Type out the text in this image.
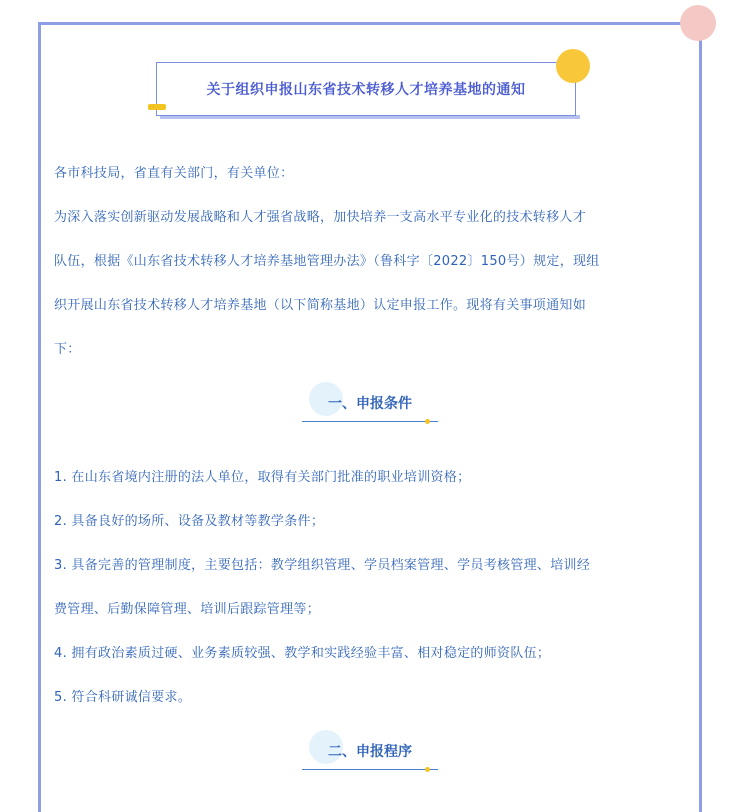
关于组织申报山东省技术转移人才培养基地的通知

各市科技局，省直有关部门，有关单位：

为深入落实创新驱动发展战略和人才强省战略，加快培养一支高水平专业化的技术转移人才

队伍，根据《山东省技术转移人才培养基地管理办法》（鲁科字〔2022〕150号）规定，现组

织开展山东省技术转移人才培养基地（以下简称基地）认定申报工作。现将有关事项通知如

下：

一、申报条件

1. 在山东省境内注册的法人单位，取得有关部门批准的职业培训资格；

2. 具备良好的场所、设备及教材等教学条件；

3. 具备完善的管理制度，主要包括：教学组织管理、学员档案管理、学员考核管理、培训经

费管理、后勤保障管理、培训后跟踪管理等；

4. 拥有政治素质过硬、业务素质较强、教学和实践经验丰富、相对稳定的师资队伍；

5. 符合科研诚信要求。

二、申报程序
